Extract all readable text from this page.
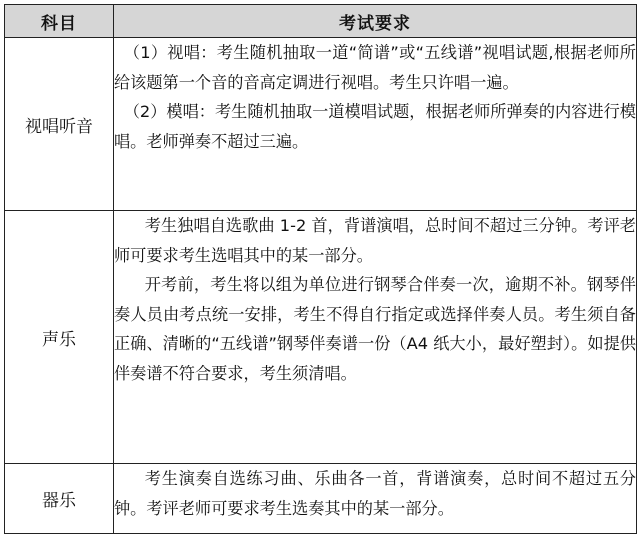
科目	考试要求
视唱听音	（1）视唱：考生随机抽取一道“简谱”或“五线谱”视唱试题,根据老师所给该题第一个音的音高定调进行视唱。考生只许唱一遍。

（2）模唱：考生随机抽取一道模唱试题，根据老师所弹奏的内容进行模唱。老师弹奏不超过三遍。

声乐	考生独唱自选歌曲 1-2 首，背谱演唱，总时间不超过三分钟。考评老师可要求考生选唱其中的某一部分。

开考前，考生将以组为单位进行钢琴合伴奏一次，逾期不补。钢琴伴奏人员由考点统一安排，考生不得自行指定或选择伴奏人员。考生须自备正确、清晰的“五线谱”钢琴伴奏谱一份（A4 纸大小，最好塑封）。如提供伴奏谱不符合要求，考生须清唱。

器乐	考生演奏自选练习曲、乐曲各一首，背谱演奏，总时间不超过五分钟。考评老师可要求考生选奏其中的某一部分。
